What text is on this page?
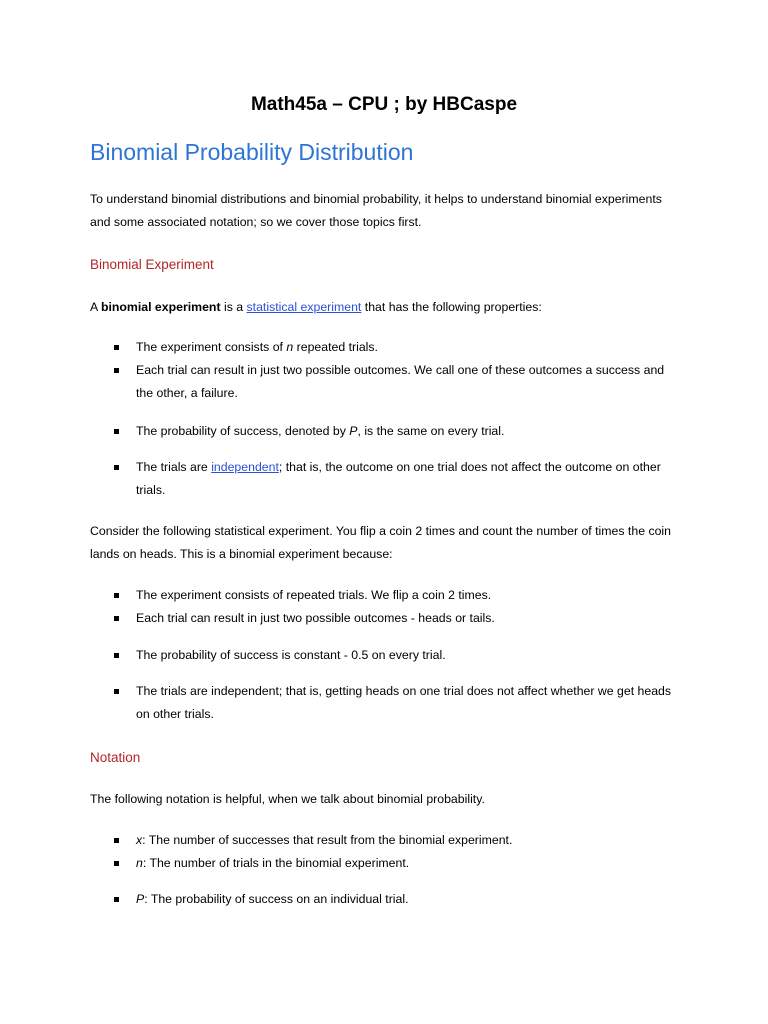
Math45a – CPU ; by HBCaspe
Binomial Probability Distribution

To understand binomial distributions and binomial probability, it helps to understand binomial experiments and some associated notation; so we cover those topics first.

Binomial Experiment

A binomial experiment is a statistical experiment that has the following properties:

The experiment consists of n repeated trials.
Each trial can result in just two possible outcomes. We call one of these outcomes a success and the other, a failure.
The probability of success, denoted by P, is the same on every trial.
The trials are independent; that is, the outcome on one trial does not affect the outcome on other trials.

Consider the following statistical experiment. You flip a coin 2 times and count the number of times the coin lands on heads. This is a binomial experiment because:

The experiment consists of repeated trials. We flip a coin 2 times.
Each trial can result in just two possible outcomes - heads or tails.
The probability of success is constant - 0.5 on every trial.
The trials are independent; that is, getting heads on one trial does not affect whether we get heads on other trials.
Notation

The following notation is helpful, when we talk about binomial probability.

x: The number of successes that result from the binomial experiment.
n: The number of trials in the binomial experiment.
P: The probability of success on an individual trial.
